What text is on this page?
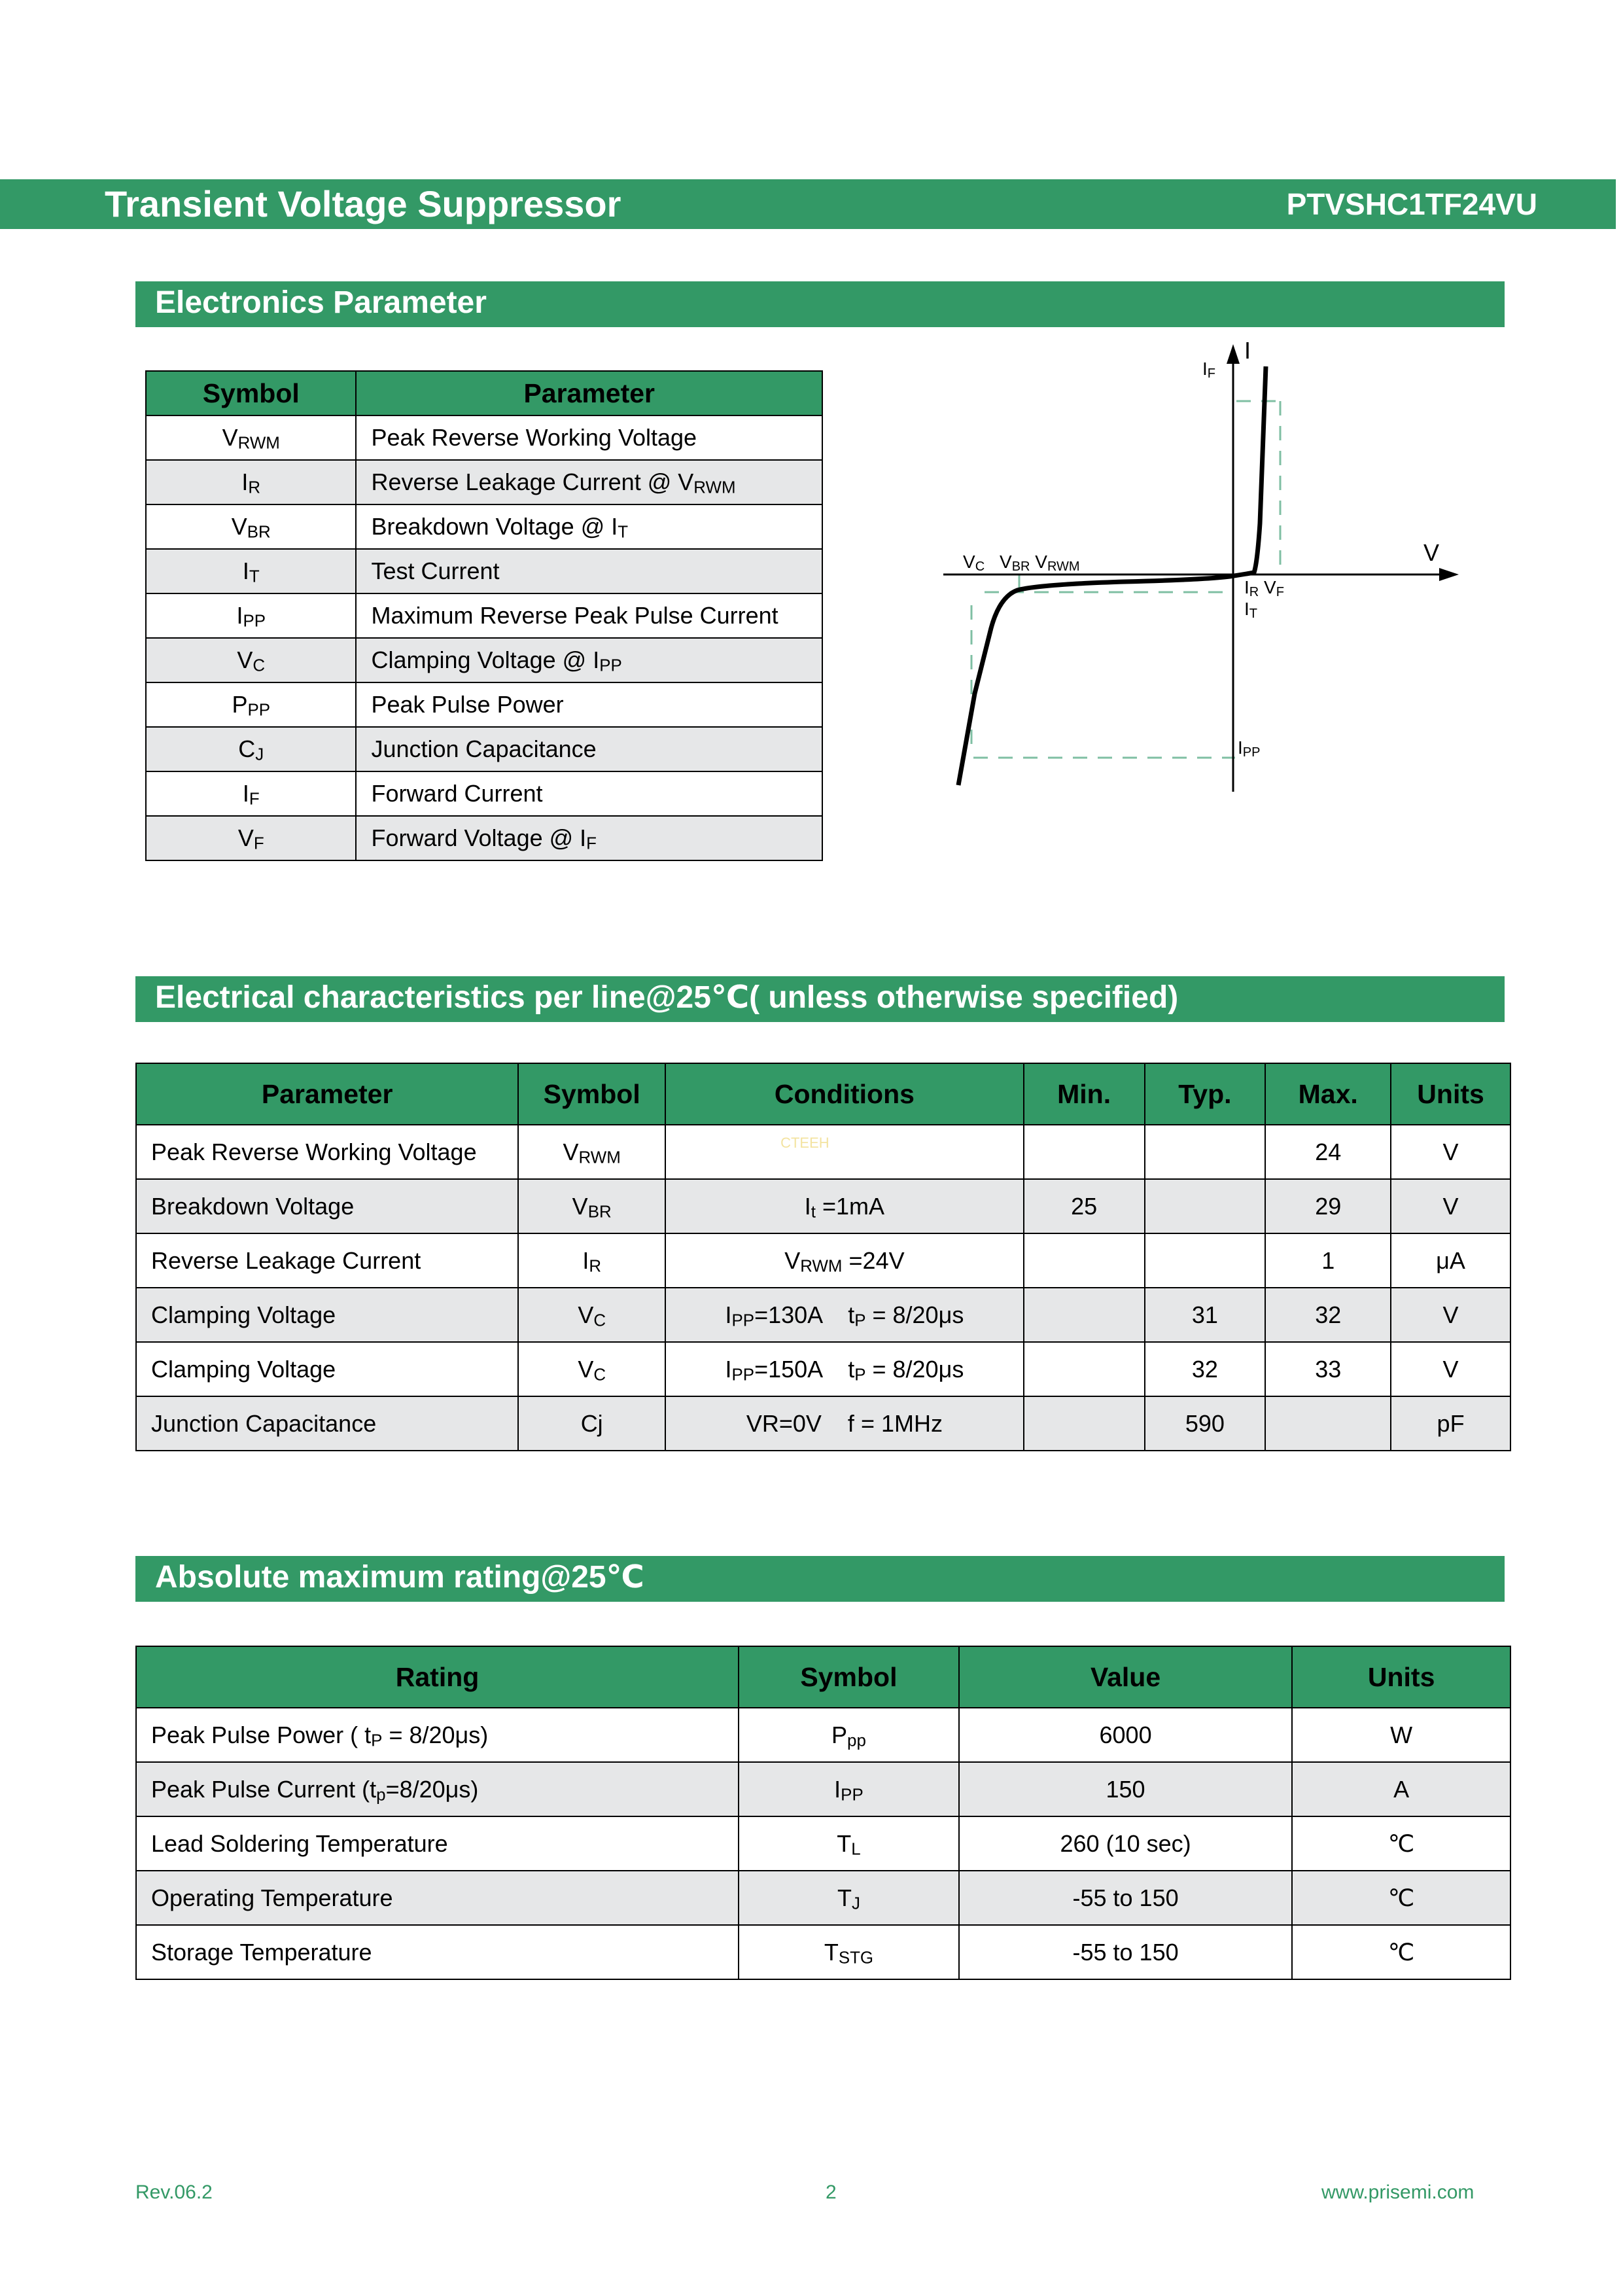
Transient Voltage Suppressor	PTVSHC1TF24VU
Electronics Parameter
Symbol	Parameter
$V_{RWM}$	Peak Reverse Working Voltage
$I_R$	Reverse Leakage Current @ $V_{RWM}$
$V_{BR}$	Breakdown Voltage @ $I_T$
$I_T$	Test Current
$I_{PP}$	Maximum Reverse Peak Pulse Current
$V_C$	Clamping Voltage @ $I_{PP}$
$P_{PP}$	Peak Pulse Power
$C_J$	Junction Capacitance
$I_F$	Forward Current
$V_F$	Forward Voltage @ $I_F$
I
V
IF
VC VBR VRWM
IR VF
IT
IPP
Electrical characteristics per line@25℃( unless otherwise specified)
Parameter	Symbol	Conditions	Min.	Typ.	Max.	Units
Peak Reverse Working Voltage	$V_{RWM}$	CTEEH			24	V
Breakdown Voltage	$V_{BR}$	$I_t =1mA$	25		29	V
Reverse Leakage Current	$I_R$	$V_{RWM} =24V$			1	μA
Clamping Voltage	$V_C$	$I_{PP}=130A$    $t_P = 8/20\mu s$		31	32	V
Clamping Voltage	$V_C$	$I_{PP}=150A$    $t_P = 8/20\mu s$		32	33	V
Junction Capacitance	Cj	VR=0V    f = 1MHz		590		pF
Absolute maximum rating@25℃
Rating	Symbol	Value	Units
Peak Pulse Power ( $t_P = 8/20\mu s$)	$P_{pp}$	6000	W
Peak Pulse Current $(t_p=8/20\mu s)$	$I_{PP}$	150	A
Lead Soldering Temperature	$T_L$	260 (10 sec)	℃
Operating Temperature	$T_J$	-55 to 150	℃
Storage Temperature	$T_{STG}$	-55 to 150	℃
Rev.06.2	2	www.prisemi.com
